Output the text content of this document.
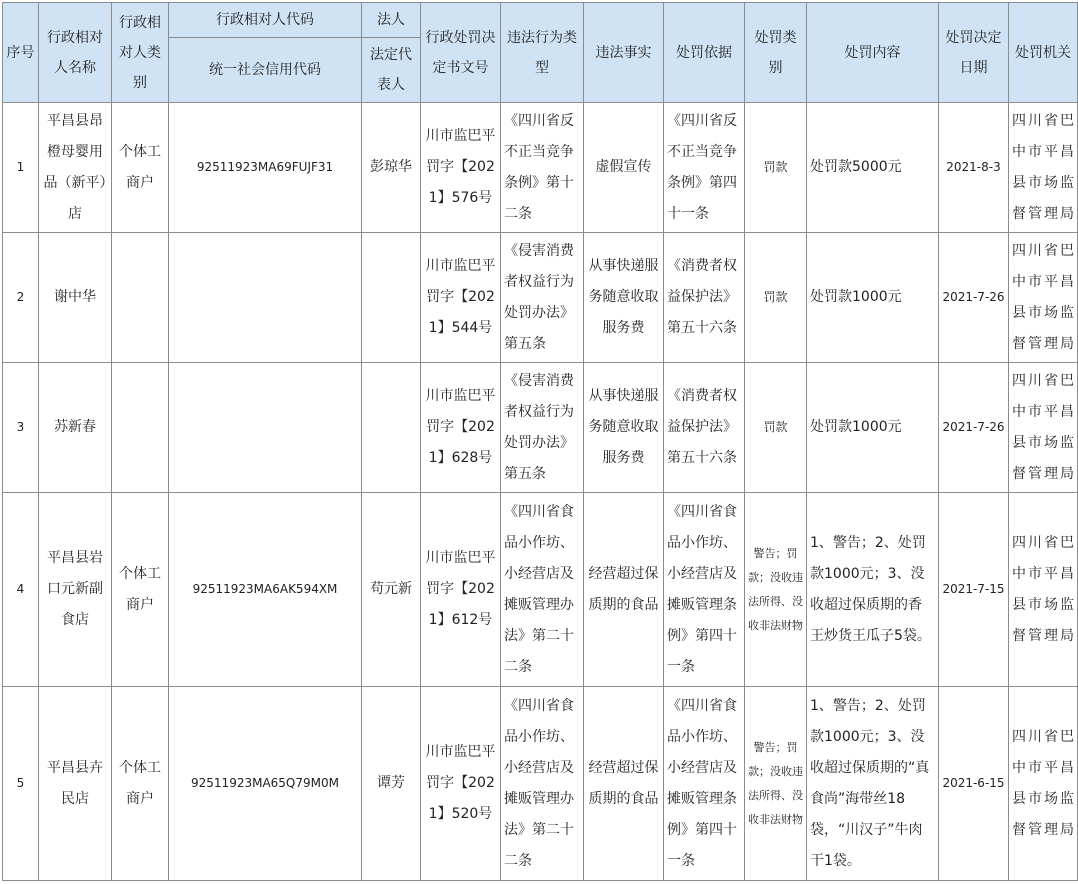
序号	行政相对人名称	行政相对人类别	行政相对人代码	法人	行政处罚决定书文号	违法行为类型	违法事实	处罚依据	处罚类别	处罚内容	处罚决定日期	处罚机关
			统一社会信用代码	法定代表人								
1	平昌县昂橙母婴用品（新平）店	个体工商户	92511923MA69FUJF31	彭琼华	川市监巴平罚字【2021】576号	《四川省反不正当竞争条例》第十二条	虚假宣传	《四川省反不正当竞争条例》第四十一条	罚款	处罚款5000元	2021-8-3	四川省巴中市平昌县市场监督管理局
2	谢中华				川市监巴平罚字【2021】544号	《侵害消费者权益行为处罚办法》第五条	从事快递服务随意收取服务费	《消费者权益保护法》第五十六条	罚款	处罚款1000元	2021-7-26	四川省巴中市平昌县市场监督管理局
3	苏新春				川市监巴平罚字【2021】628号	《侵害消费者权益行为处罚办法》第五条	从事快递服务随意收取服务费	《消费者权益保护法》第五十六条	罚款	处罚款1000元	2021-7-26	四川省巴中市平昌县市场监督管理局
4	平昌县岩口元新副食店	个体工商户	92511923MA6AK594XM	苟元新	川市监巴平罚字【2021】612号	《四川省食品小作坊、小经营店及摊贩管理办法》第二十二条	经营超过保质期的食品	《四川省食品小作坊、小经营店及摊贩管理条例》第四十一条	警告；罚款；没收违法所得、没收非法财物	1、警告；2、处罚款1000元；3、没收超过保质期的香王炒货王瓜子5袋。	2021-7-15	四川省巴中市平昌县市场监督管理局
5	平昌县卉民店	个体工商户	92511923MA65Q79M0M	谭芳	川市监巴平罚字【2021】520号	《四川省食品小作坊、小经营店及摊贩管理办法》第二十二条	经营超过保质期的食品	《四川省食品小作坊、小经营店及摊贩管理条例》第四十一条	警告；罚款；没收违法所得、没收非法财物	1、警告；2、处罚款1000元；3、没收超过保质期的“真食尚”海带丝18袋，“川汉子”牛肉干1袋。	2021-6-15	四川省巴中市平昌县市场监督管理局
